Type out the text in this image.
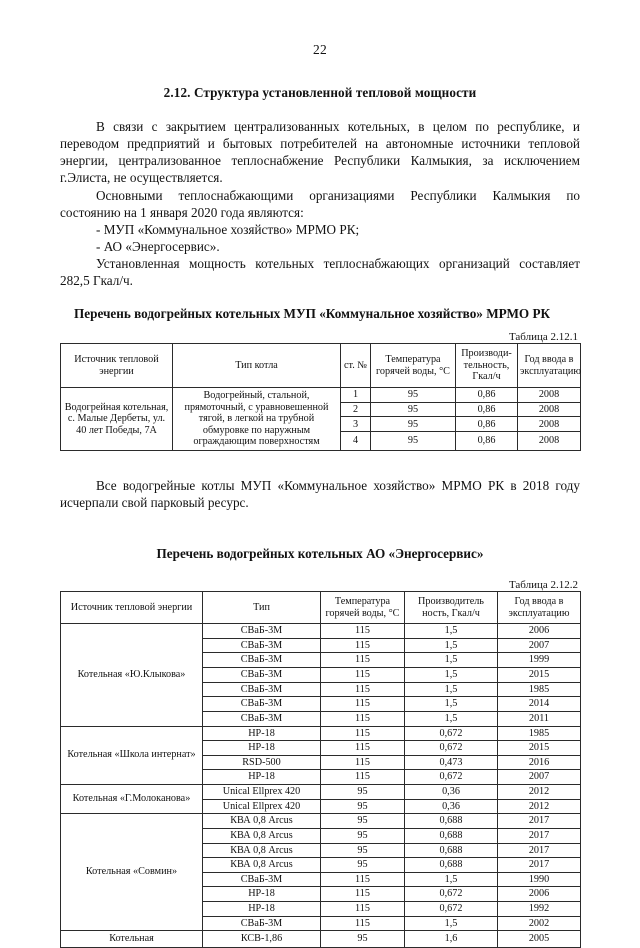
22
2.12. Структура установленной тепловой мощности

В связи с закрытием централизованных котельных, в целом по республике, и переводом предприятий и бытовых потребителей на автономные источники тепловой энергии, централизованное теплоснабжение Республики Калмыкия, за исключением г.Элиста, не осуществляется.

Основными теплоснабжающими организациями Республики Калмыкия по состоянию на 1 января 2020 года являются:

- МУП «Коммунальное хозяйство» МРМО РК;

- АО «Энергосервис».

Установленная мощность котельных теплоснабжающих организаций составляет 282,5 Гкал/ч.

Перечень водогрейных котельных МУП «Коммунальное хозяйство» МРМО РК

Таблица 2.12.1

Источник тепловой энергии	Тип котла	ст. №	Температура горячей воды, °С	Производи-тельность, Гкал/ч	Год ввода в эксплуатацию
Водогрейная котельная, с. Малые Дербеты, ул. 40 лет Победы, 7А	Водогрейный, стальной, прямоточный, с уравновешенной тягой, в легкой на трубной обмуровке по наружным ограждающим поверхностям	1	95	0,86	2008
		2	95	0,86	2008
		3	95	0,86	2008
		4	95	0,86	2008

Все водогрейные котлы МУП «Коммунальное хозяйство» МРМО РК в 2018 году исчерпали свой парковый ресурс.

Перечень водогрейных котельных АО «Энергосервис»

Таблица 2.12.2

Источник тепловой энергии	Тип	Температура горячей воды, °С	Производитель ность, Гкал/ч	Год ввода в эксплуатацию
Котельная «Ю.Клыкова»	СВаБ-3М	115	1,5	2006
	СВаБ-3М	115	1,5	2007
	СВаБ-3М	115	1,5	1999
	СВаБ-3М	115	1,5	2015
	СВаБ-3М	115	1,5	1985
	СВаБ-3М	115	1,5	2014
	СВаБ-3М	115	1,5	2011
Котельная «Школа интернат»	HP-18	115	0,672	1985
	HP-18	115	0,672	2015
	RSD-500	115	0,473	2016
	HP-18	115	0,672	2007
Котельная «Г.Молоканова»	Unical Ellprex 420	95	0,36	2012
	Unical Ellprex 420	95	0,36	2012
Котельная «Совмин»	КВА 0,8 Arcus	95	0,688	2017
	КВА 0,8 Arcus	95	0,688	2017
	КВА 0,8 Arcus	95	0,688	2017
	КВА 0,8 Arcus	95	0,688	2017
	СВаБ-3М	115	1,5	1990
	HP-18	115	0,672	2006
	HP-18	115	0,672	1992
	СВаБ-3М	115	1,5	2002
Котельная	КСВ-1,86	95	1,6	2005
